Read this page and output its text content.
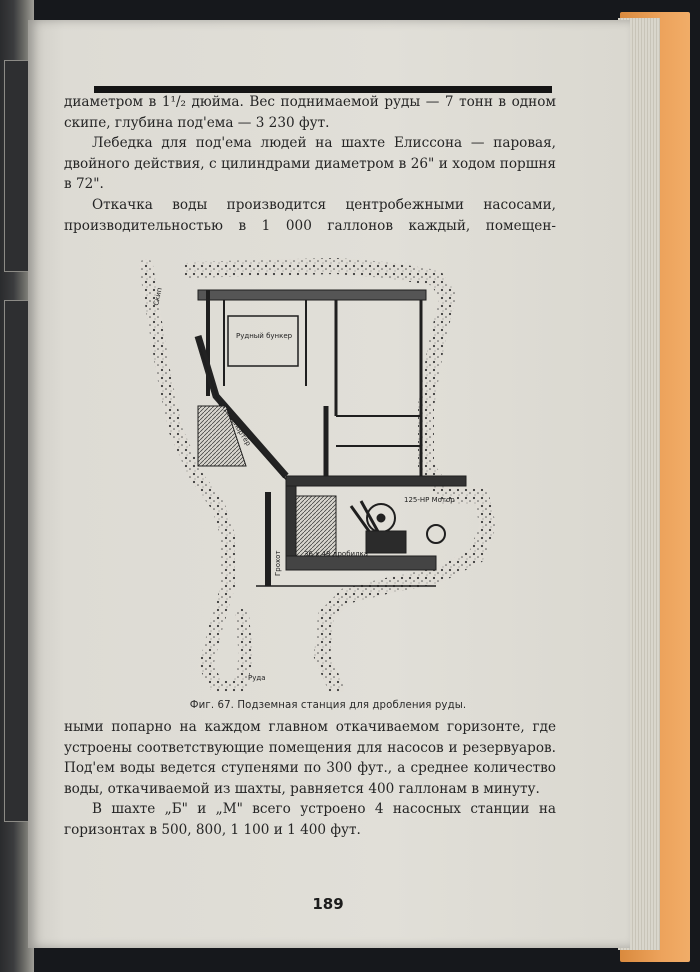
диаметром в 1¹/₂ дюйма. Вес поднимаемой руды — 7 тонн в одном скипе, глубина под'ема — 3 230 фут.

Лебедка для под'ема людей на шахте Елиссона — паровая, двойного действия, с цилиндрами диаметром в 26" и ходом поршня в 72".

Откачка воды производится центробежными насосами, производительностью в 1 000 галлонов каждый, помещен-

Скип
Рудный бункер
Транспортёр
125-HP Мотор
36 x 48 дробилка
Грохот
Руда
Фиг. 67. Подземная станция для дробления руды.

ными попарно на каждом главном откачиваемом горизонте, где устроены соответствующие помещения для насосов и резервуаров. Под'ем воды ведется ступенями по 300 фут., а среднее количество воды, откачиваемой из шахты, равняется 400 галлонам в минуту.

В шахте „Б" и „М" всего устроено 4 насосных станции на горизонтах в 500, 800, 1 100 и 1 400 фут.

189
